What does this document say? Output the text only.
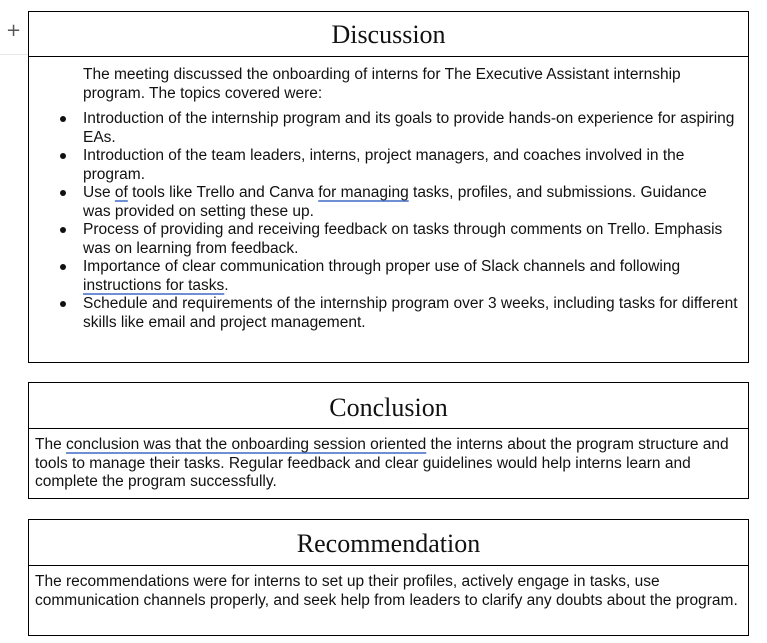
+	Discussion

The meeting discussed the onboarding of interns for The Executive Assistant internship program. The topics covered were:

Introduction of the internship program and its goals to provide hands-on experience for aspiring EAs.
Introduction of the team leaders, interns, project managers, and coaches involved in the program.
Use of tools like Trello and Canva for managing tasks, profiles, and submissions. Guidance was provided on setting these up.
Process of providing and receiving feedback on tasks through comments on Trello. Emphasis was on learning from feedback.
Importance of clear communication through proper use of Slack channels and following instructions for tasks.
Schedule and requirements of the internship program over 3 weeks, including tasks for different skills like email and project management.
Conclusion
The conclusion was that the onboarding session oriented the interns about the program structure and tools to manage their tasks. Regular feedback and clear guidelines would help interns learn and complete the program successfully.
Recommendation
The recommendations were for interns to set up their profiles, actively engage in tasks, use communication channels properly, and seek help from leaders to clarify any doubts about the program.
